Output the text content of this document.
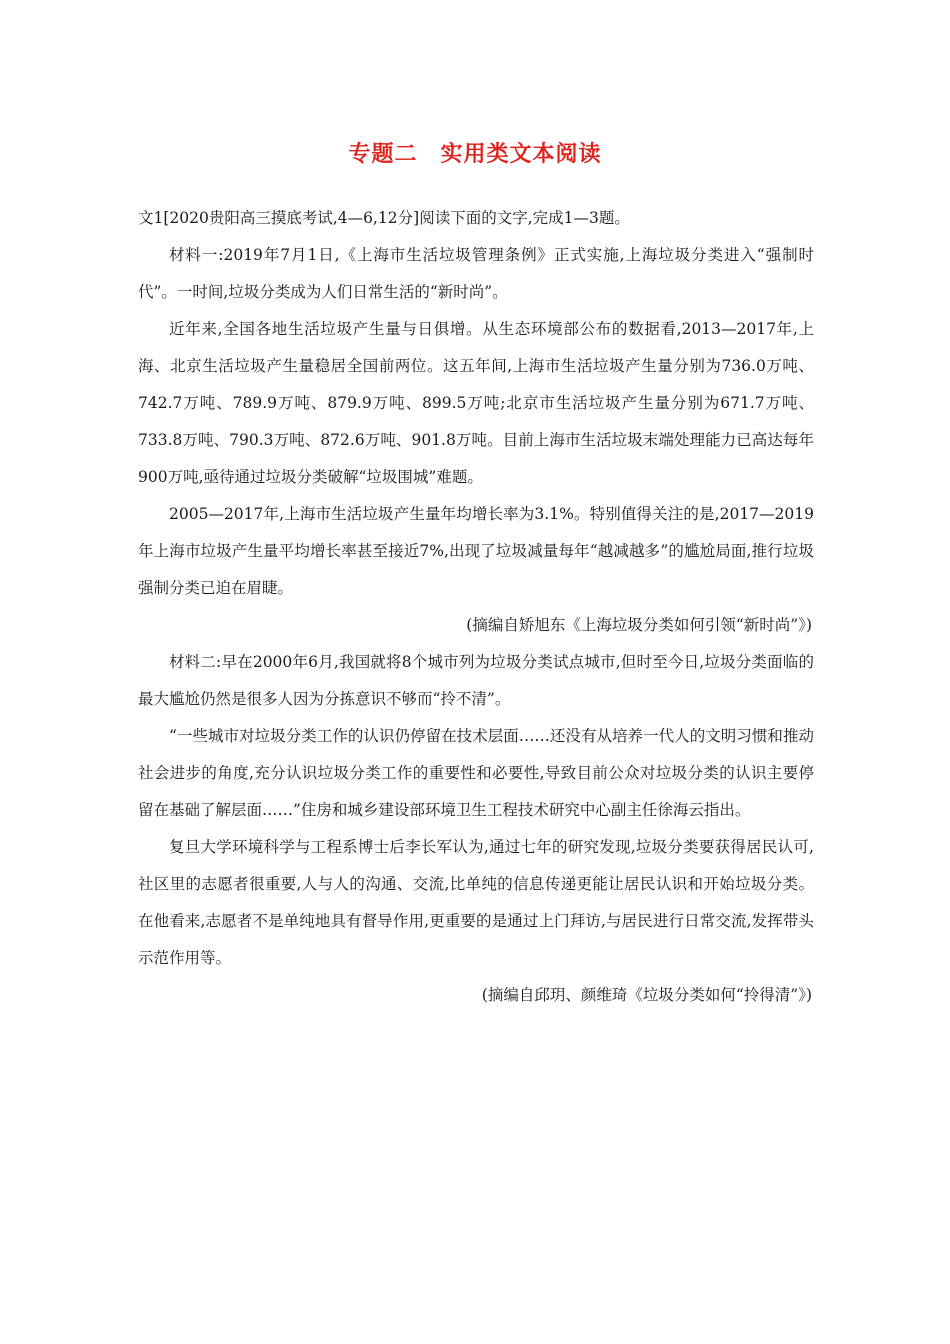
专题二　实用类文本阅读

文1[2020贵阳高三摸底考试,4—6,12分]阅读下面的文字,完成1—3题。

材料一:2019年7月1日,《上海市生活垃圾管理条例》正式实施,上海垃圾分类进入“强制时代”。一时间,垃圾分类成为人们日常生活的“新时尚”。

近年来,全国各地生活垃圾产生量与日俱增。从生态环境部公布的数据看,2013—2017年,上海、北京生活垃圾产生量稳居全国前两位。这五年间,上海市生活垃圾产生量分别为736.0万吨、742.7万吨、789.9万吨、879.9万吨、899.5万吨;北京市生活垃圾产生量分别为671.7万吨、733.8万吨、790.3万吨、872.6万吨、901.8万吨。目前上海市生活垃圾末端处理能力已高达每年900万吨,亟待通过垃圾分类破解“垃圾围城”难题。

2005—2017年,上海市生活垃圾产生量年均增长率为3.1%。特别值得关注的是,2017—2019年上海市垃圾产生量平均增长率甚至接近7%,出现了垃圾减量每年“越减越多”的尴尬局面,推行垃圾强制分类已迫在眉睫。

(摘编自矫旭东《上海垃圾分类如何引领“新时尚”》)

材料二:早在2000年6月,我国就将8个城市列为垃圾分类试点城市,但时至今日,垃圾分类面临的最大尴尬仍然是很多人因为分拣意识不够而“拎不清”。

“一些城市对垃圾分类工作的认识仍停留在技术层面……还没有从培养一代人的文明习惯和推动社会进步的角度,充分认识垃圾分类工作的重要性和必要性,导致目前公众对垃圾分类的认识主要停留在基础了解层面……”住房和城乡建设部环境卫生工程技术研究中心副主任徐海云指出。

复旦大学环境科学与工程系博士后李长军认为,通过七年的研究发现,垃圾分类要获得居民认可,社区里的志愿者很重要,人与人的沟通、交流,比单纯的信息传递更能让居民认识和开始垃圾分类。在他看来,志愿者不是单纯地具有督导作用,更重要的是通过上门拜访,与居民进行日常交流,发挥带头示范作用等。

(摘编自邱玥、颜维琦《垃圾分类如何“拎得清”》)
